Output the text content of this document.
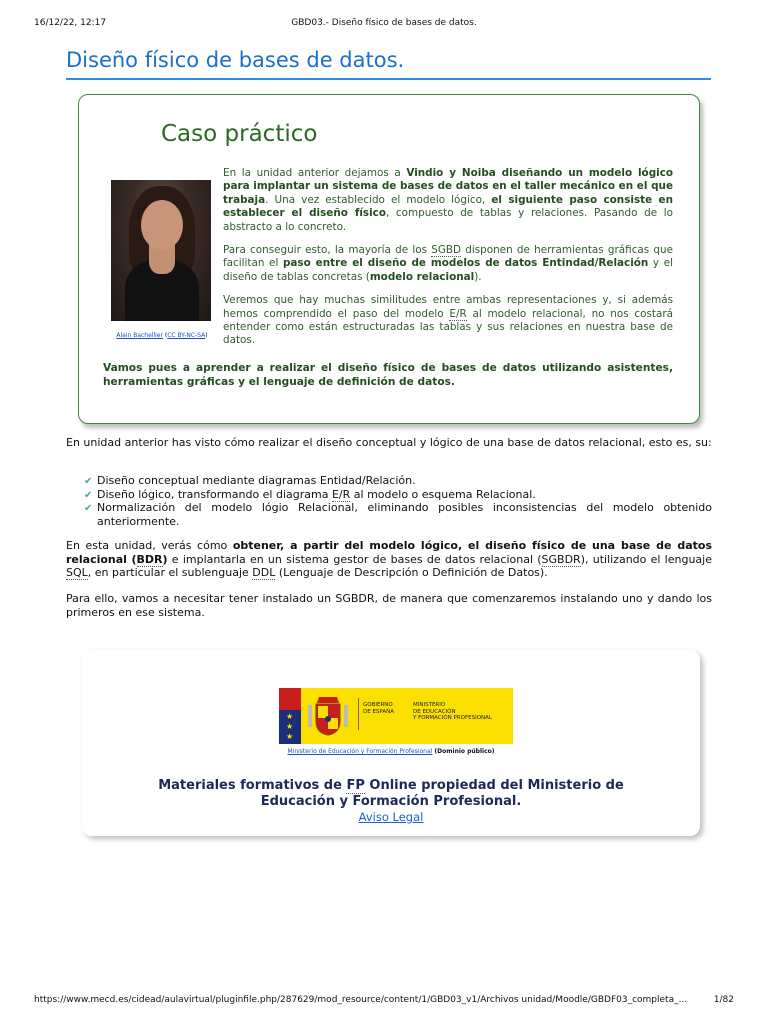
16/12/22, 12:17	GBD03.- Diseño físico de bases de datos.
Diseño físico de bases de datos.
Caso práctico
Alain Bachellier (CC BY-NC-SA)

En la unidad anterior dejamos a Vindio y Noiba diseñando un modelo lógico para implantar un sistema de bases de datos en el taller mecánico en el que trabaja. Una vez establecido el modelo lógico, el siguiente paso consiste en establecer el diseño físico, compuesto de tablas y relaciones. Pasando de lo abstracto a lo concreto.

Para conseguir esto, la mayoría de los SGBD disponen de herramientas gráficas que facilitan el paso entre el diseño de modelos de datos Entindad/Relación y el diseño de tablas concretas (modelo relacional).

Veremos que hay muchas similitudes entre ambas representaciones y, si además hemos comprendido el paso del modelo E/R al modelo relacional, no nos costará entender como están estructuradas las tablas y sus relaciones en nuestra base de datos.

Vamos pues a aprender a realizar el diseño físico de bases de datos utilizando asistentes, herramientas gráficas y el lenguaje de definición de datos.

En unidad anterior has visto cómo realizar el diseño conceptual y lógico de una base de datos relacional, esto es, su:

✔ Diseño conceptual mediante diagramas Entidad/Relación.
✔ Diseño lógico, transformando el diagrama E/R al modelo o esquema Relacional.
✔ Normalización del modelo lógio Relacional, eliminando posibles inconsistencias del modelo obtenido anteriormente.

En esta unidad, verás cómo obtener, a partir del modelo lógico, el diseño físico de una base de datos relacional (BDR) e implantarla en un sistema gestor de bases de datos relacional (SGBDR), utilizando el lenguaje SQL, en particular el sublenguaje DDL (Lenguaje de Descripción o Definición de Datos).

Para ello, vamos a necesitar tener instalado un SGBDR, de manera que comenzaremos instalando uno y dando los primeros en ese sistema.

★
★
★
GOBIERNO
DE ESPAÑA
MINISTERIO
DE EDUCACIÓN
Y FORMACIÓN PROFESIONAL
Ministerio de Educación y Formación Profesional (Dominio público)
Materiales formativos de FP Online propiedad del Ministerio de Educación y Formación Profesional.
Aviso Legal
https://www.mecd.es/cidead/aulavirtual/pluginfile.php/287629/mod_resource/content/1/GBD03_v1/Archivos unidad/Moodle/GBDF03_completa_...	1/82
